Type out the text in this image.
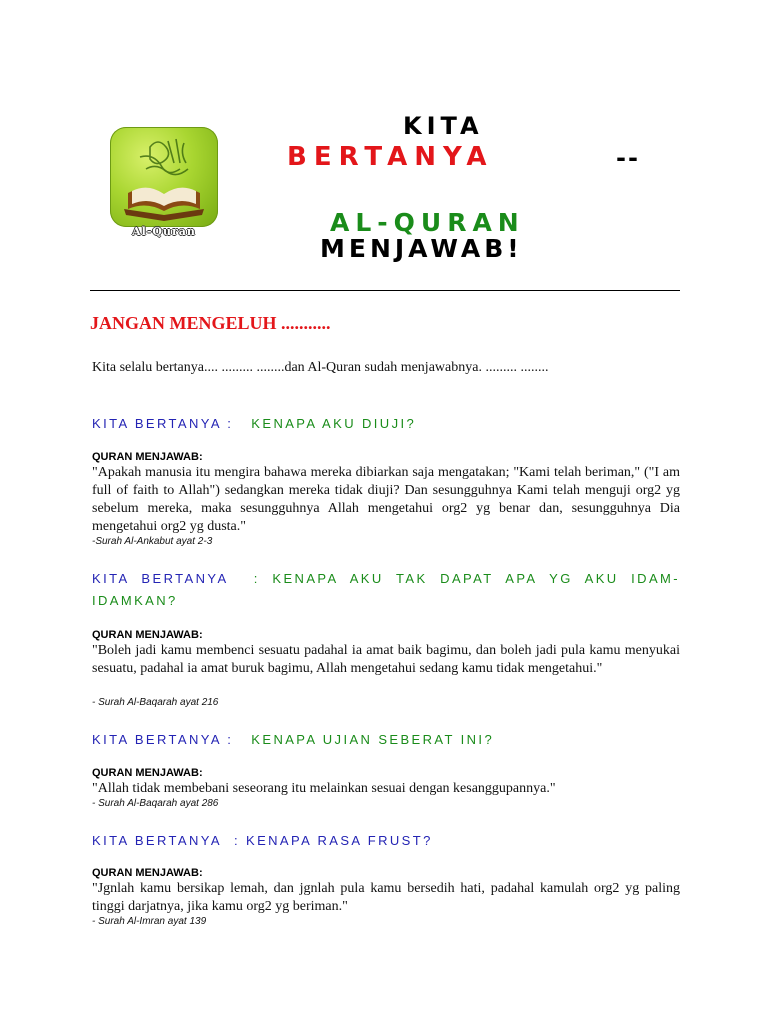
Al-Quran
KITA
BERTANYA	--
AL-QURAN
MENJAWAB!
JANGAN MENGELUH ...........
Kita selalu bertanya.... ......... ........dan Al-Quran sudah menjawabnya. ......... ........
KITA BERTANYA : KENAPA AKU DIUJI?
QURAN MENJAWAB:
"Apakah manusia itu mengira bahawa mereka dibiarkan saja mengatakan; "Kami telah beriman," ("I am full of faith to Allah") sedangkan mereka tidak diuji? Dan sesungguhnya Kami telah menguji org2 yg sebelum mereka, maka sesungguhnya Allah mengetahui org2 yg benar dan, sesungguhnya Dia mengetahui org2 yg dusta."
-Surah Al-Ankabut ayat 2-3
KITA BERTANYA : KENAPA AKU TAK DAPAT APA YG AKU IDAM-IDAMKAN?
QURAN MENJAWAB:
"Boleh jadi kamu membenci sesuatu padahal ia amat baik bagimu, dan boleh jadi pula kamu menyukai sesuatu, padahal ia amat buruk bagimu, Allah mengetahui sedang kamu tidak mengetahui."
- Surah Al-Baqarah ayat 216
KITA BERTANYA : KENAPA UJIAN SEBERAT INI?
QURAN MENJAWAB:
"Allah tidak membebani seseorang itu melainkan sesuai dengan kesanggupannya."
- Surah Al-Baqarah ayat 286
KITA BERTANYA : KENAPA RASA FRUST?
QURAN MENJAWAB:
"Jgnlah kamu bersikap lemah, dan jgnlah pula kamu bersedih hati, padahal kamulah org2 yg paling tinggi darjatnya, jika kamu org2 yg beriman."
- Surah Al-Imran ayat 139
